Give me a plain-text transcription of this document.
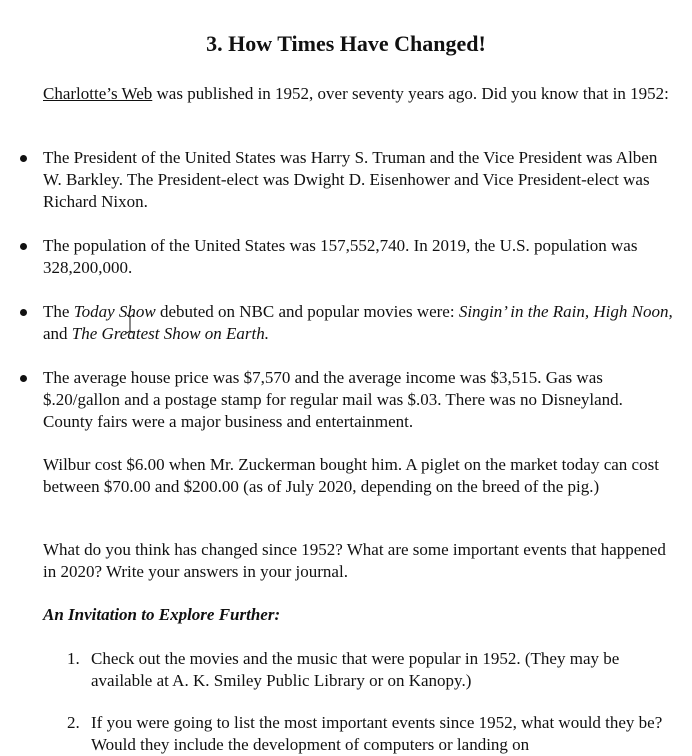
3. How Times Have Changed!

Charlotte’s Web was published in 1952, over seventy years ago. Did you know that in 1952:

The President of the United States was Harry S. Truman and the Vice President was Alben W. Barkley. The President-elect was Dwight D. Eisenhower and Vice President-elect was Richard Nixon.

The population of the United States was 157,552,740. In 2019, the U.S. population was 328,200,000.

The Today Show debuted on NBC and popular movies were: Singin’ in the Rain, High Noon, and The Greatest Show on Earth.

The average house price was $7,570 and the average income was $3,515. Gas was $.20/gallon and a postage stamp for regular mail was $.03. There was no Disneyland. County fairs were a major business and entertainment.

Wilbur cost $6.00 when Mr. Zuckerman bought him. A piglet on the market today can cost between $70.00 and $200.00 (as of July 2020, depending on the breed of the pig.)

What do you think has changed since 1952? What are some important events that happened in 2020? Write your answers in your journal.

An Invitation to Explore Further:
1. Check out the movies and the music that were popular in 1952. (They may be available at A. K. Smiley Public Library or on Kanopy.)

2. If you were going to list the most important events since 1952, what would they be? Would they include the development of computers or landing on
